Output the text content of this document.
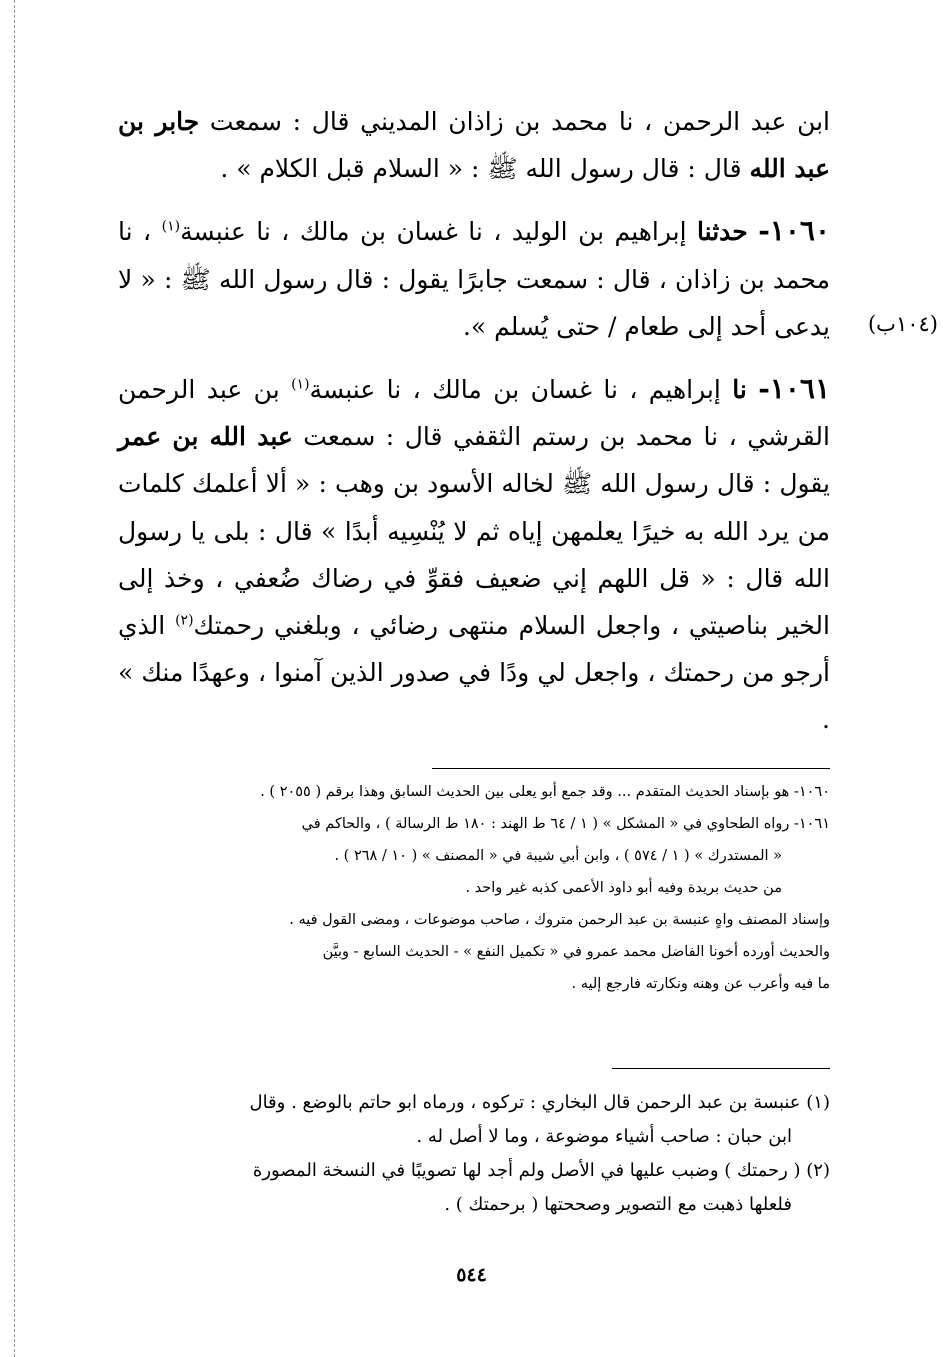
ابن عبد الرحمن ، نا محمد بن زاذان المديني قال : سمعت جابر بن عبد الله قال : قال رسول الله ﷺ : « السلام قبل الكلام » .

١٠٦٠- حدثنا إبراهيم بن الوليد ، نا غسان بن مالك ، نا عنبسة$^{(١)}$ ، نا محمد بن زاذان ، قال : سمعت جابرًا يقول : قال رسول الله ﷺ : « لا يدعى أحد إلى طعام / حتى يُسلم ».

١٠٦١- نا إبراهيم ، نا غسان بن مالك ، نا عنبسة$^{(١)}$ بن عبد الرحمن القرشي ، نا محمد بن رستم الثقفي قال : سمعت عبد الله بن عمر يقول : قال رسول الله ﷺ لخاله الأسود بن وهب : « ألا أعلمك كلمات من يرد الله به خيرًا يعلمهن إياه ثم لا يُنْسِيه أبدًا » قال : بلى يا رسول الله قال : « قل اللهم إني ضعيف فقوِّ في رضاك ضُعفي ، وخذ إلى الخير بناصيتي ، واجعل السلام منتهى رضائي ، وبلغني رحمتك$^{(٢)}$ الذي أرجو من رحمتك ، واجعل لي ودًا في صدور الذين آمنوا ، وعهدًا منك » .

(١٠٤ب)
١٠٦٠- هو بإسناد الحديث المتقدم ... وقد جمع أبو يعلى بين الحديث السابق وهذا برقم ( ٢٠٥٥ ) .
١٠٦١- رواه الطحاوي في « المشكل » ( ١ / ٦٤ ط الهند : ١٨٠ ط الرسالة ) ، والحاكم في
« المستدرك » ( ١ / ٥٧٤ ) ، وابن أبي شيبة في « المصنف » ( ١٠ / ٢٦٨ ) .
من حديث بريدة وفيه أبو داود الأعمى كذبه غير واحد .
وإسناد المصنف واهٍ عنبسة بن عبد الرحمن متروك ، صاحب موضوعات ، ومضى القول فيه .
والحديث أورده أخونا الفاضل محمد عمرو في « تكميل النفع » - الحديث السابع - وبيَّن
ما فيه وأعرب عن وهنه ونكارته فارجع إليه .
(١) عنبسة بن عبد الرحمن قال البخاري : تركوه ، ورماه ابو حاتم بالوضع . وقال
ابن حبان : صاحب أشياء موضوعة ، وما لا أصل له .
(٢) ( رحمتك ) وضبب عليها في الأصل ولم أجد لها تصويبًا في النسخة المصورة
فلعلها ذهبت مع التصوير وصححتها ( برحمتك ) .
٥٤٤
